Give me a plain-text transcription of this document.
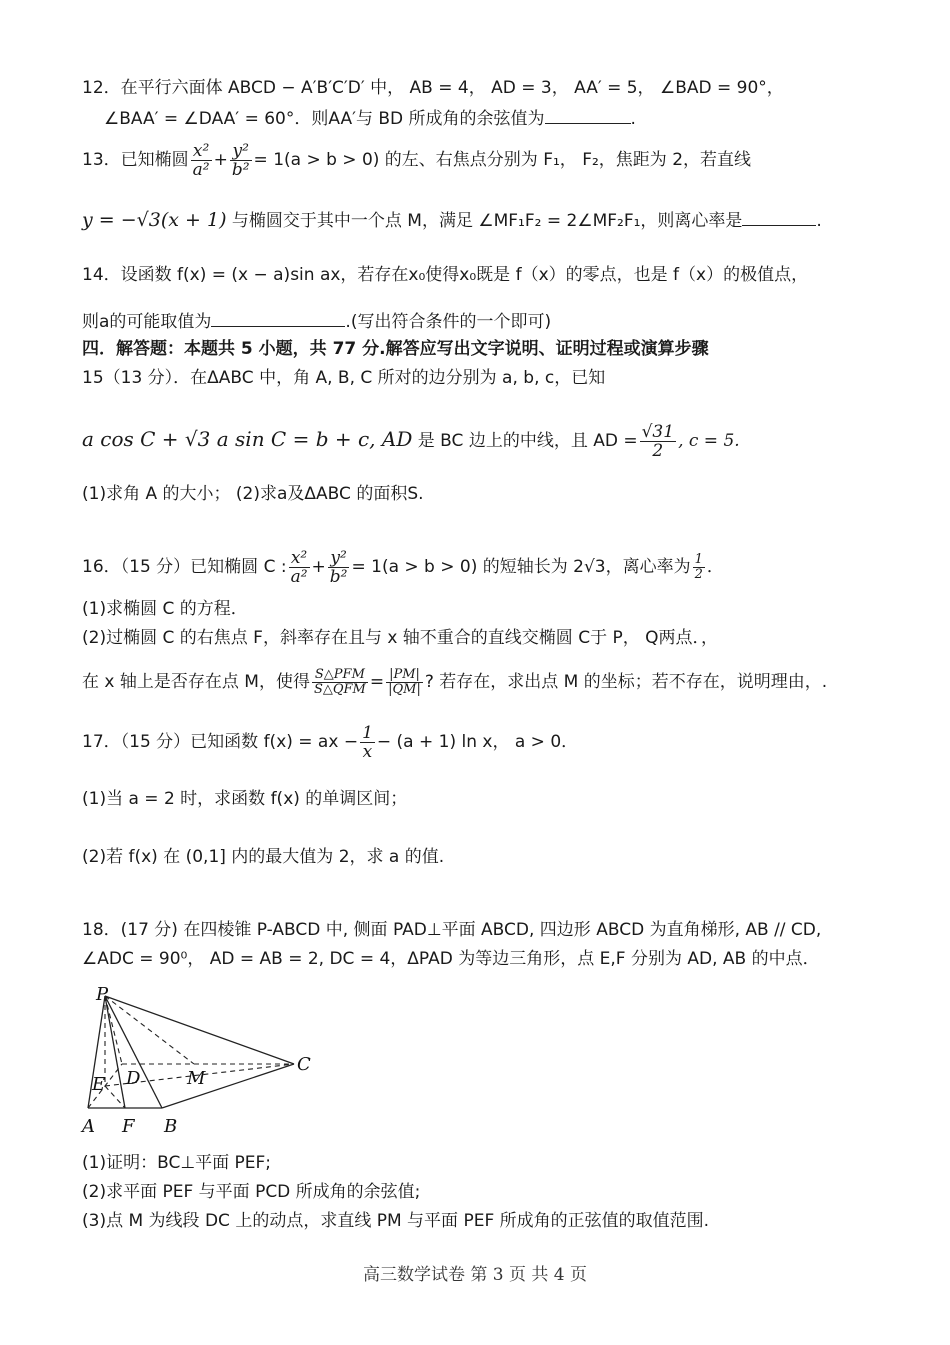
12．在平行六面体 ABCD − A′B′C′D′ 中， AB = 4， AD = 3， AA′ = 5， ∠BAD = 90°，
∠BAA′ = ∠DAA′ = 60°．则AA′与 BD 所成角的余弦值为	.
13．已知椭圆 $\frac{\text{x²}}{\text{a²}} + \frac{\text{y²}}{\text{b²}} = 1(a > b > 0)$ 的左、右焦点分别为 F₁， F₂，焦距为 2，若直线
y = −√3(x + 1) 与椭圆交于其中一个点 M，满足 ∠MF₁F₂ = 2∠MF₂F₁，则离心率是	.
14．设函数 f(x) = (x − a)sin ax，若存在x₀使得x₀既是 f（x）的零点，也是 f（x）的极值点，
则a的可能取值为	.(写出符合条件的一个即可)
四．解答题：本题共 5 小题，共 77 分.解答应写出文字说明、证明过程或演算步骤
15（13 分）．在ΔABC 中，角 A, B, C 所对的边分别为 a, b, c，已知
a cos C + √3 a sin C = b + c, AD 是 BC 边上的中线，且 AD = $\frac{√31}{2}$ , c = 5.
(1)求角 A 的大小； (2)求a及ΔABC 的面积S.
16．（15 分）已知椭圆 C : $\frac{\text{x²}}{\text{a²}} + \frac{\text{y²}}{\text{b²}} = 1(a > b > 0)$ 的短轴长为 2√3，离心率为 $\frac{1}{2}$ ．
(1)求椭圆 C 的方程．
(2)过椭圆 C 的右焦点 F，斜率存在且与 x 轴不重合的直线交椭圆 C于 P， Q两点．，
在 x 轴上是否存在点 M，使得 $\frac{\text{S△PFM}}{\text{S△QFM}} = \frac{|PM|}{|QM|}$ ? 若存在，求出点 M 的坐标；若不存在，说明理由，.
17．（15 分）已知函数 f(x) = ax − $\frac{1}{x} - (a + 1)$ ln x， a > 0．
(1)当 a = 2 时，求函数 f(x) 的单调区间；
(2)若 f(x) 在 (0,1] 内的最大值为 2，求 a 的值.
18．(17 分) 在四棱锥 P-ABCD 中, 侧面 PAD⊥平面 ABCD, 四边形 ABCD 为直角梯形, AB // CD,
∠ADC = 90⁰， AD = AB = 2, DC = 4，ΔPAD 为等边三角形，点 E,F 分别为 AD, AB 的中点．
P
C
D	M
E
A F B
(1)证明：BC⊥平面 PEF;
(2)求平面 PEF 与平面 PCD 所成角的余弦值;
(3)点 M 为线段 DC 上的动点，求直线 PM 与平面 PEF 所成角的正弦值的取值范围.
高三数学试卷 第 3 页 共 4 页
